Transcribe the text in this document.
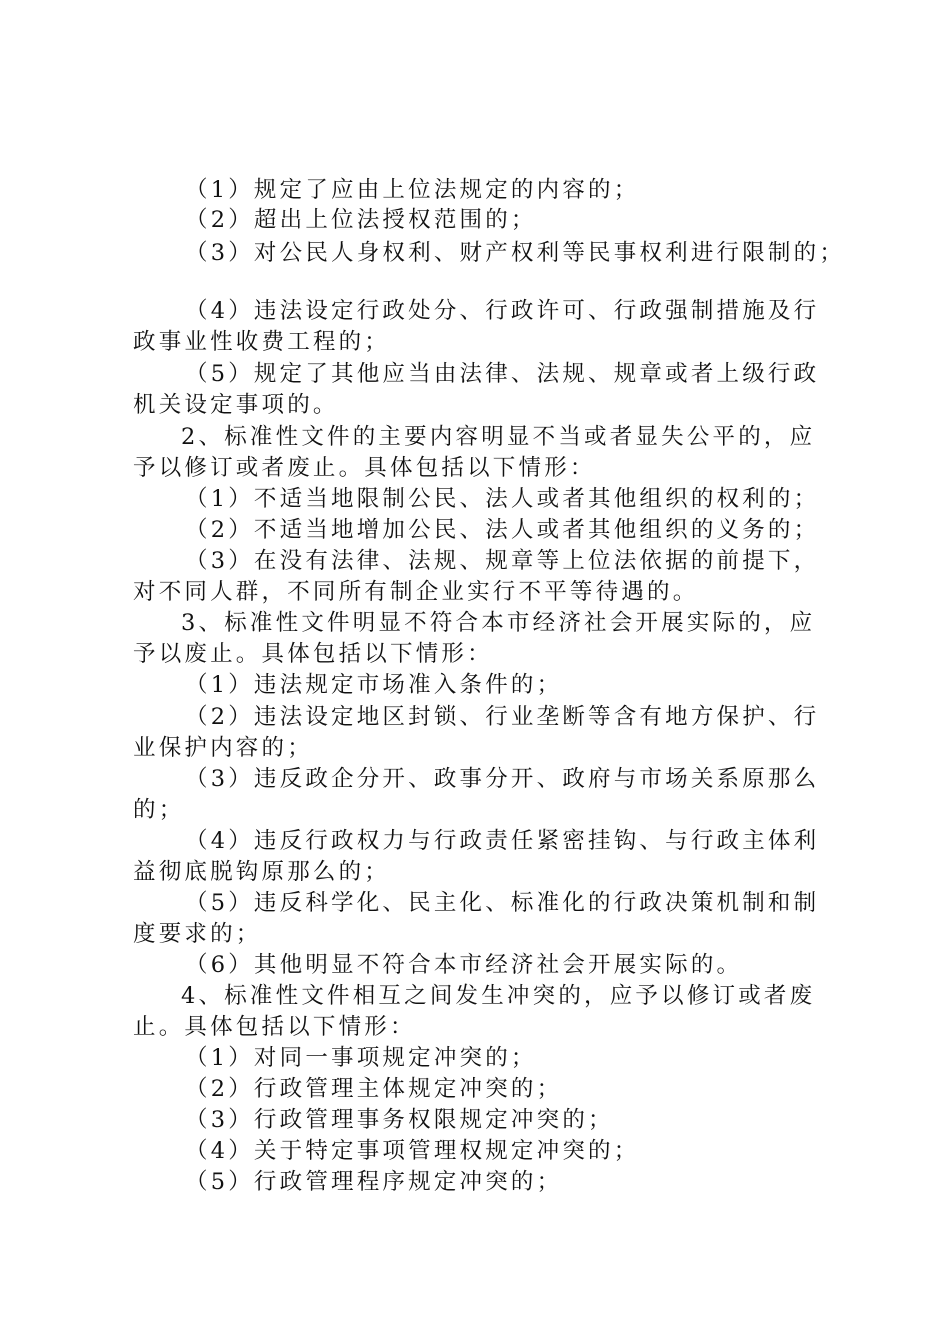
（1）规定了应由上位法规定的内容的；
（2）超出上位法授权范围的；
（3）对公民人身权利、财产权利等民事权利进行限制的；
（4）违法设定行政处分、行政许可、行政强制措施及行
政事业性收费工程的；
（5）规定了其他应当由法律、法规、规章或者上级行政
机关设定事项的。
2、标准性文件的主要内容明显不当或者显失公平的，应
予以修订或者废止。具体包括以下情形：
（1）不适当地限制公民、法人或者其他组织的权利的；
（2）不适当地增加公民、法人或者其他组织的义务的；
（3）在没有法律、法规、规章等上位法依据的前提下，
对不同人群，不同所有制企业实行不平等待遇的。
3、标准性文件明显不符合本市经济社会开展实际的，应
予以废止。具体包括以下情形：
（1）违法规定市场准入条件的；
（2）违法设定地区封锁、行业垄断等含有地方保护、行
业保护内容的；
（3）违反政企分开、政事分开、政府与市场关系原那么
的；
（4）违反行政权力与行政责任紧密挂钩、与行政主体利
益彻底脱钩原那么的；
（5）违反科学化、民主化、标准化的行政决策机制和制
度要求的；
（6）其他明显不符合本市经济社会开展实际的。
4、标准性文件相互之间发生冲突的，应予以修订或者废
止。具体包括以下情形：
（1）对同一事项规定冲突的；
（2）行政管理主体规定冲突的；
（3）行政管理事务权限规定冲突的；
（4）关于特定事项管理权规定冲突的；
（5）行政管理程序规定冲突的；
